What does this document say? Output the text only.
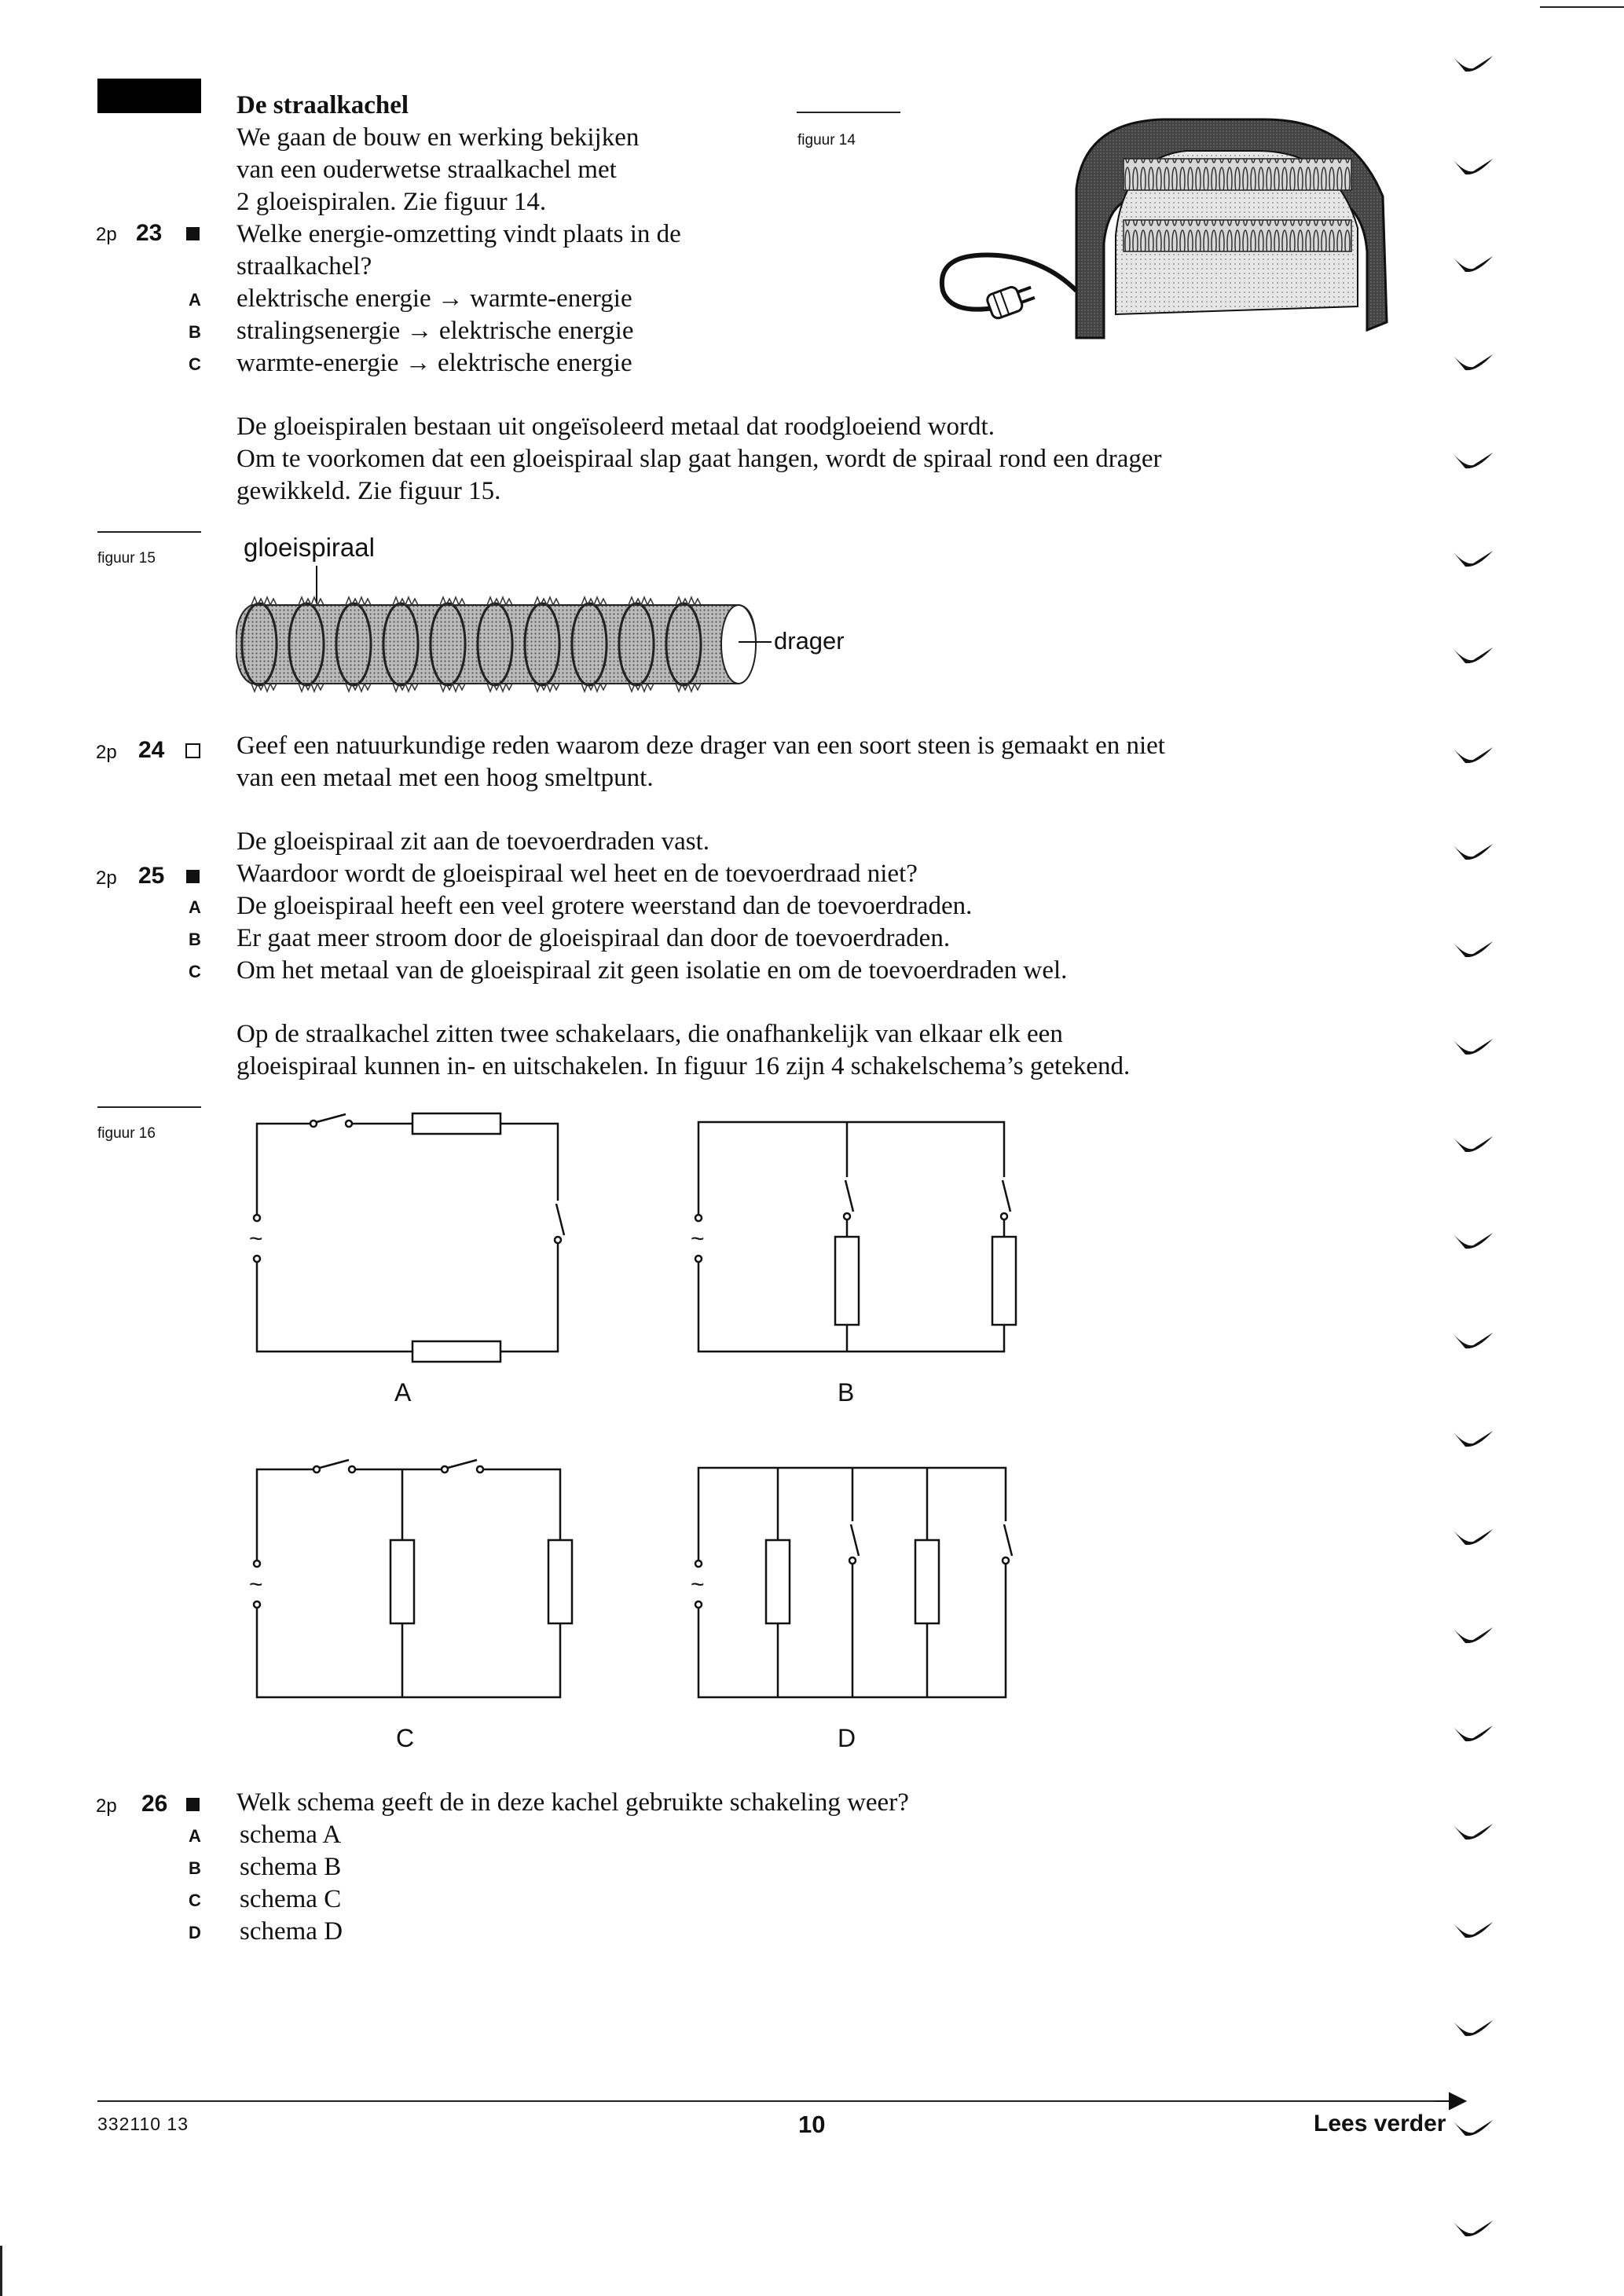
De straalkachel
We gaan de bouw en werking bekijken
van een ouderwetse straalkachel met
2 gloeispiralen. Zie figuur 14.
2p 23	Welke energie-omzetting vindt plaats in de
straalkachel?
A elektrische energie → warmte-energie
B stralingsenergie → elektrische energie
C warmte-energie → elektrische energie
figuur 14
De gloeispiralen bestaan uit ongeïsoleerd metaal dat roodgloeiend wordt.
Om te voorkomen dat een gloeispiraal slap gaat hangen, wordt de spiraal rond een drager
gewikkeld. Zie figuur 15.
figuur 15	gloeispiraal
drager
2p 24	Geef een natuurkundige reden waarom deze drager van een soort steen is gemaakt en niet
van een metaal met een hoog smeltpunt.
De gloeispiraal zit aan de toevoerdraden vast.
2p 25	Waardoor wordt de gloeispiraal wel heet en de toevoerdraad niet?
A De gloeispiraal heeft een veel grotere weerstand dan de toevoerdraden.
B Er gaat meer stroom door de gloeispiraal dan door de toevoerdraden.
C Om het metaal van de gloeispiraal zit geen isolatie en om de toevoerdraden wel.
Op de straalkachel zitten twee schakelaars, die onafhankelijk van elkaar elk een
gloeispiraal kunnen in- en uitschakelen. In figuur 16 zijn 4 schakelschema’s getekend.
figuur 16
~	~
~	~
A	B
C	D
2p 26	Welk schema geeft de in deze kachel gebruikte schakeling weer?
A schema A
B schema B
C schema C
D schema D
332110 13	10	Lees verder
